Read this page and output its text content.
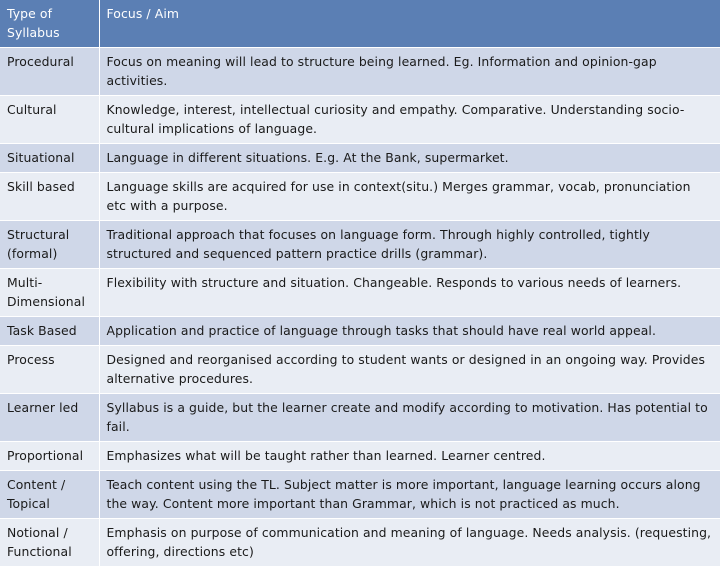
Type of Syllabus	Focus / Aim
Procedural	Focus on meaning will lead to structure being learned. Eg. Information and opinion-gap activities.
Cultural	Knowledge, interest, intellectual curiosity and empathy. Comparative. Understanding socio-cultural implications of language.
Situational	Language in different situations. E.g. At the Bank, supermarket.
Skill based	Language skills are acquired for use in context(situ.) Merges grammar, vocab, pronunciation etc with a purpose.
Structural (formal)	Traditional approach that focuses on language form. Through highly controlled, tightly structured and sequenced pattern practice drills (grammar).
Multi-Dimensional	Flexibility with structure and situation. Changeable. Responds to various needs of learners.
Task Based	Application and practice of language through tasks that should have real world appeal.
Process	Designed and reorganised according to student wants or designed in an ongoing way. Provides alternative procedures.
Learner led	Syllabus is a guide, but the learner create and modify according to motivation. Has potential to fail.
Proportional	Emphasizes what will be taught rather than learned. Learner centred.
Content / Topical	Teach content using the TL. Subject matter is more important, language learning occurs along the way. Content more important than Grammar, which is not practiced as much.
Notional / Functional	Emphasis on purpose of communication and meaning of language. Needs analysis. (requesting, offering, directions etc)
